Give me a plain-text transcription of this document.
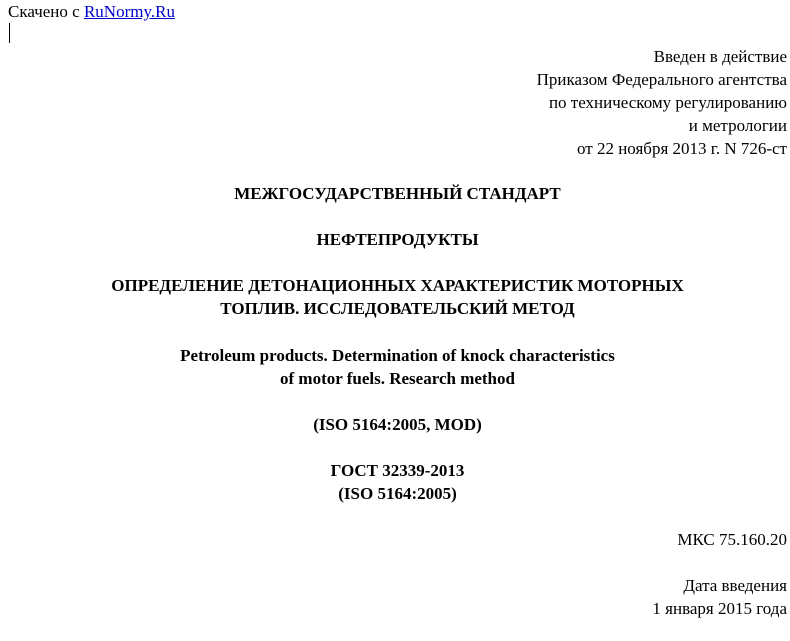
Скачено с RuNormy.Ru
Введен в действие
Приказом Федерального агентства
по техническому регулированию
и метрологии
от 22 ноября 2013 г. N 726-ст
МЕЖГОСУДАРСТВЕННЫЙ СТАНДАРТ
НЕФТЕПРОДУКТЫ
ОПРЕДЕЛЕНИЕ ДЕТОНАЦИОННЫХ ХАРАКТЕРИСТИК МОТОРНЫХ
ТОПЛИВ. ИССЛЕДОВАТЕЛЬСКИЙ МЕТОД
Petroleum products. Determination of knock characteristics
of motor fuels. Research method
(ISO 5164:2005, MOD)
ГОСТ 32339-2013
(ISO 5164:2005)
МКС 75.160.20
Дата введения
1 января 2015 года
